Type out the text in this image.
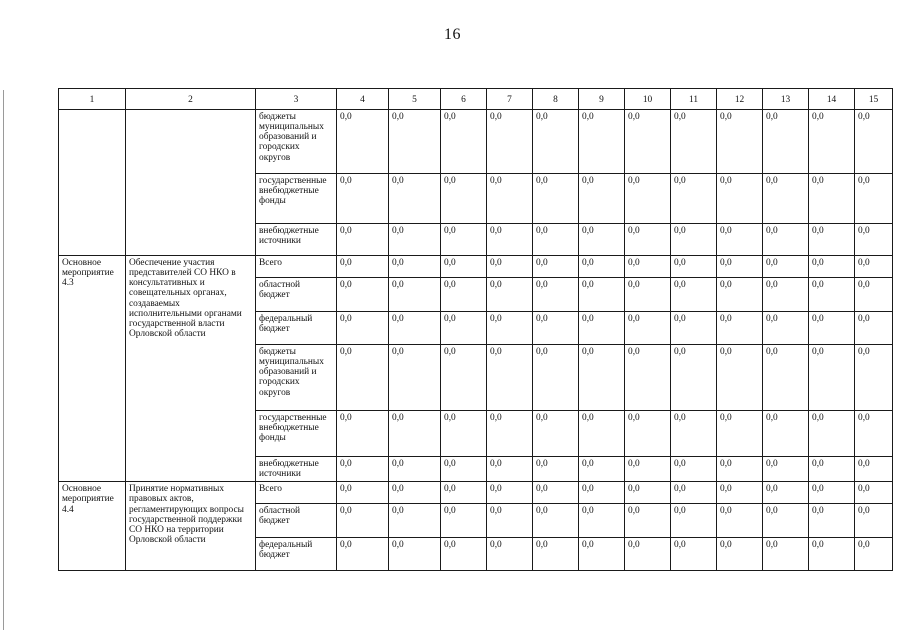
16
1	2	3	4	5	6	7	8	9	10	11	12	13	14	15
		бюджеты муниципальных образований и городских округов	0,0	0,0	0,0	0,0	0,0	0,0	0,0	0,0	0,0	0,0	0,0	0,0
		государственные внебюджетные фонды	0,0	0,0	0,0	0,0	0,0	0,0	0,0	0,0	0,0	0,0	0,0	0,0
		внебюджетные источники	0,0	0,0	0,0	0,0	0,0	0,0	0,0	0,0	0,0	0,0	0,0	0,0
Основное мероприятие 4.3	Обеспечение участия представителей СО НКО в консультативных и совещательных органах, создаваемых исполнительными органами государственной власти Орловской области	Всего	0,0	0,0	0,0	0,0	0,0	0,0	0,0	0,0	0,0	0,0	0,0	0,0
		областной бюджет	0,0	0,0	0,0	0,0	0,0	0,0	0,0	0,0	0,0	0,0	0,0	0,0
		федеральный бюджет	0,0	0,0	0,0	0,0	0,0	0,0	0,0	0,0	0,0	0,0	0,0	0,0
		бюджеты муниципальных образований и городских округов	0,0	0,0	0,0	0,0	0,0	0,0	0,0	0,0	0,0	0,0	0,0	0,0
		государственные внебюджетные фонды	0,0	0,0	0,0	0,0	0,0	0,0	0,0	0,0	0,0	0,0	0,0	0,0
		внебюджетные источники	0,0	0,0	0,0	0,0	0,0	0,0	0,0	0,0	0,0	0,0	0,0	0,0
Основное мероприятие 4.4	Принятие нормативных правовых актов, регламентирующих вопросы государственной поддержки СО НКО на территории Орловской области	Всего	0,0	0,0	0,0	0,0	0,0	0,0	0,0	0,0	0,0	0,0	0,0	0,0
		областной бюджет	0,0	0,0	0,0	0,0	0,0	0,0	0,0	0,0	0,0	0,0	0,0	0,0
		федеральный бюджет	0,0	0,0	0,0	0,0	0,0	0,0	0,0	0,0	0,0	0,0	0,0	0,0
